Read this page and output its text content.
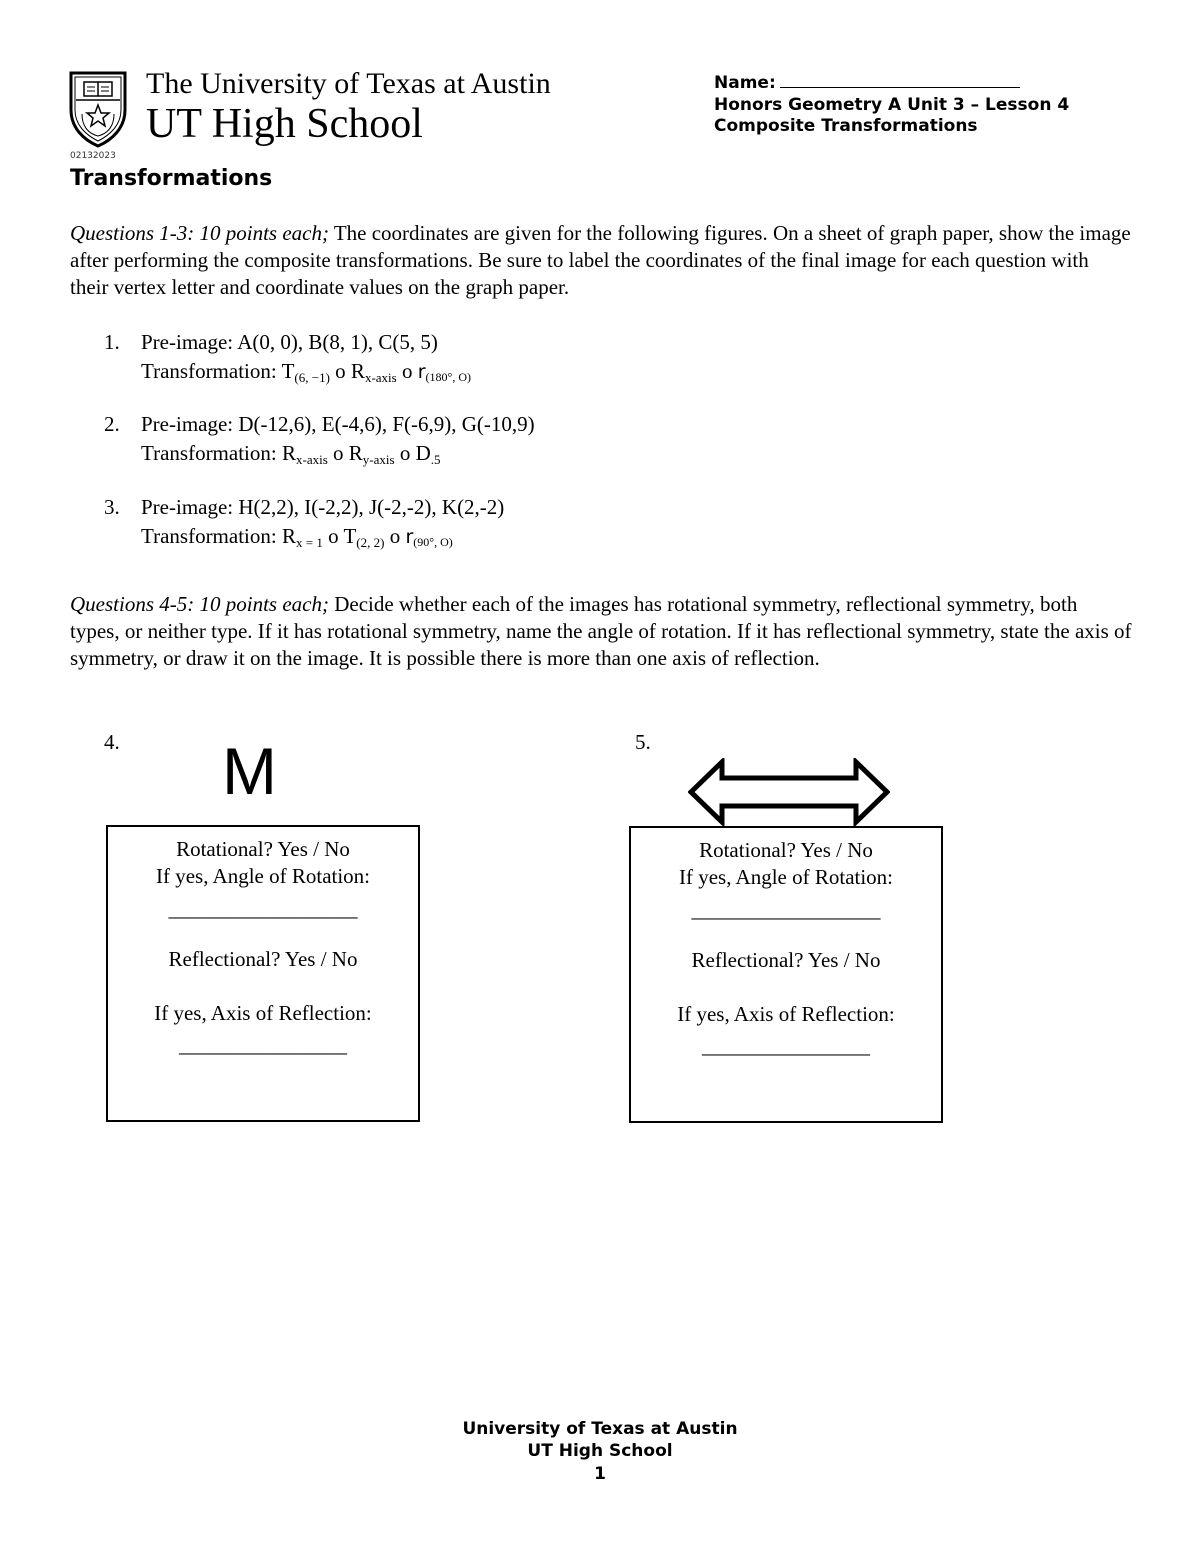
The University of Texas at Austin
UT High School
02132023
Name:
Honors Geometry A Unit 3 – Lesson 4
Composite Transformations
Transformations
Questions 1-3: 10 points each; The coordinates are given for the following figures. On a sheet of graph paper, show the image after performing the composite transformations. Be sure to label the coordinates of the final image for each question with their vertex letter and coordinate values on the graph paper.
1. Pre-image: A(0, 0), B(8, 1), C(5, 5)
Transformation: $T_{(6, -1)}$ o $R_{x-axis}$ o $r_{(180^\circ, O)}$
2. Pre-image: D(-12,6), E(-4,6), F(-6,9), G(-10,9)
Transformation: $R_{x-axis}$ o $R_{y-axis}$ o $D_{.5}$
3. Pre-image: H(2,2), I(-2,2), J(-2,-2), K(2,-2)
Transformation: $R_{x = 1}$ o $T_{(2, 2)}$ o $r_{(90^\circ, O)}$
Questions 4-5: 10 points each; Decide whether each of the images has rotational symmetry, reflectional symmetry, both types, or neither type. If it has rotational symmetry, name the angle of rotation. If it has reflectional symmetry, state the axis of symmetry, or draw it on the image. It is possible there is more than one axis of reflection.
4. M
Rotational? Yes / No
If yes, Angle of Rotation:
__________________
Reflectional? Yes / No
If yes, Axis of Reflection:
________________
5.
Rotational? Yes / No
If yes, Angle of Rotation:
__________________
Reflectional? Yes / No
If yes, Axis of Reflection:
________________
University of Texas at Austin
UT High School
1
